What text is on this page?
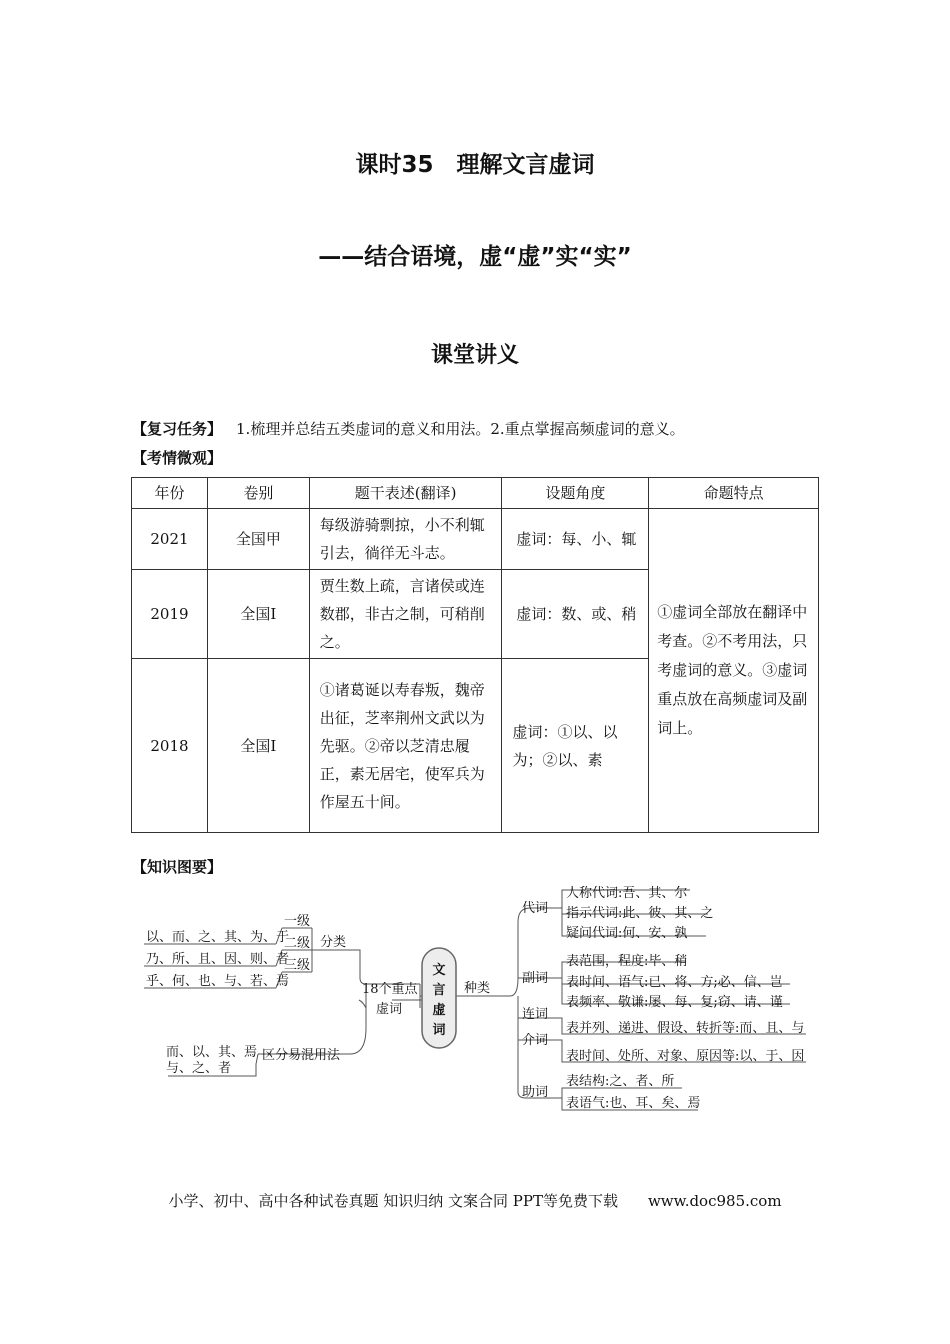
课时35　理解文言虚词
——结合语境，虚“虚”实“实”
课堂讲义
【复习任务】 1.梳理并总结五类虚词的意义和用法。2.重点掌握高频虚词的意义。
【考情微观】
年份	卷别	题干表述(翻译)	设题角度	命题特点
2021	全国甲	每级游骑剽掠，小不利辄引去，徜徉无斗志。	虚词：每、小、辄	①虚词全部放在翻译中考查。②不考用法，只考虚词的意义。③虚词重点放在高频虚词及副词上。
2019	全国Ⅰ	贾生数上疏，言诸侯或连数郡，非古之制，可稍削之。	虚词：数、或、稍	
2018	全国Ⅰ	①诸葛诞以寿春叛，魏帝出征，芝率荆州文武以为先驱。②帝以芝清忠履正，素无居宅，使军兵为作屋五十间。	虚词：①以、以为；②以、素	
【知识图要】
以、而、之、其、为、于
乃、所、且、因、则、者
乎、何、也、与、若、焉
一级
二级
三级
分类
而、以、其、焉
与、之、者
区分易混用法
18个重点
虚词
文
言
虚
词
种类
代词
副词
连词
介词
助词
人称代词:吾、其、尔
指示代词:此、彼、其、之
疑问代词:何、安、孰
表范围，程度:毕、稍
表时间、语气:已、将、方;必、信、岂
表频率、敬谦:屡、每、复;窃、请、谨
表并列、递进、假设、转折等:而、且、与
表时间、处所、对象、原因等:以、于、因
表结构:之、者、所
表语气:也、耳、矣、焉
小学、初中、高中各种试卷真题 知识归纳 文案合同 PPT等免费下载 www.doc985.com
